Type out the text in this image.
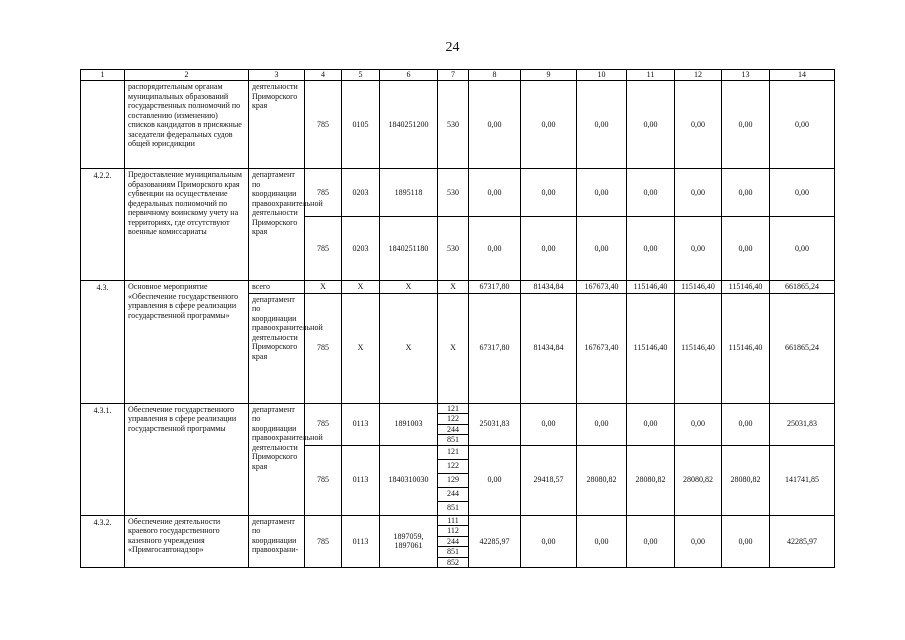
24
1	2	3	4	5	6	7	8	9	10	11	12	13	14
	распорядительным органам муниципальных образований государственных полномочий по составлению (изменению) списков кандидатов в присяжные заседатели федеральных судов общей юрисдикции	деятельности Приморского края	785	0105	1840251200	530	0,00	0,00	0,00	0,00	0,00	0,00	0,00
4.2.2.	Предоставление муниципальным образованиям Приморского края субвенции на осуществление федеральных полномочий по первичному воинскому учету на территориях, где отсутствуют военные комиссариаты	департамент по координации правоохранительной деятельности Приморского края	785	0203	1895118	530	0,00	0,00	0,00	0,00	0,00	0,00	0,00
			785	0203	1840251180	530	0,00	0,00	0,00	0,00	0,00	0,00	0,00
4.3.	Основное мероприятие «Обеспечение государственного управления в сфере реализации государственной программы»	всего	X	X	X	X	67317,80	81434,84	167673,40	115146,40	115146,40	115146,40	661865,24
		департамент по координации правоохранительной деятельности Приморского края	785	X	X	X	67317,80	81434,84	167673,40	115146,40	115146,40	115146,40	661865,24
4.3.1.	Обеспечение государственного управления в сфере реализации государственной программы	департамент по координации правоохранительной деятельности Приморского края	785	0113	1891003	121	25031,83	0,00	0,00	0,00	0,00	0,00	25031,83
						122							
						244							
						851							
			785	0113	1840310030	121	0,00	29418,57	28080,82	28080,82	28080,82	28080,82	141741,85
						122							
						129							
						244							
						851							
4.3.2.	Обеспечение деятельности краевого государственного казенного учреждения «Примгосавтонадзор»	департамент по координации правоохрани-	785	0113	1897059, 1897061	111	42285,97	0,00	0,00	0,00	0,00	0,00	42285,97
						112							
						244							
						851							
						852							
